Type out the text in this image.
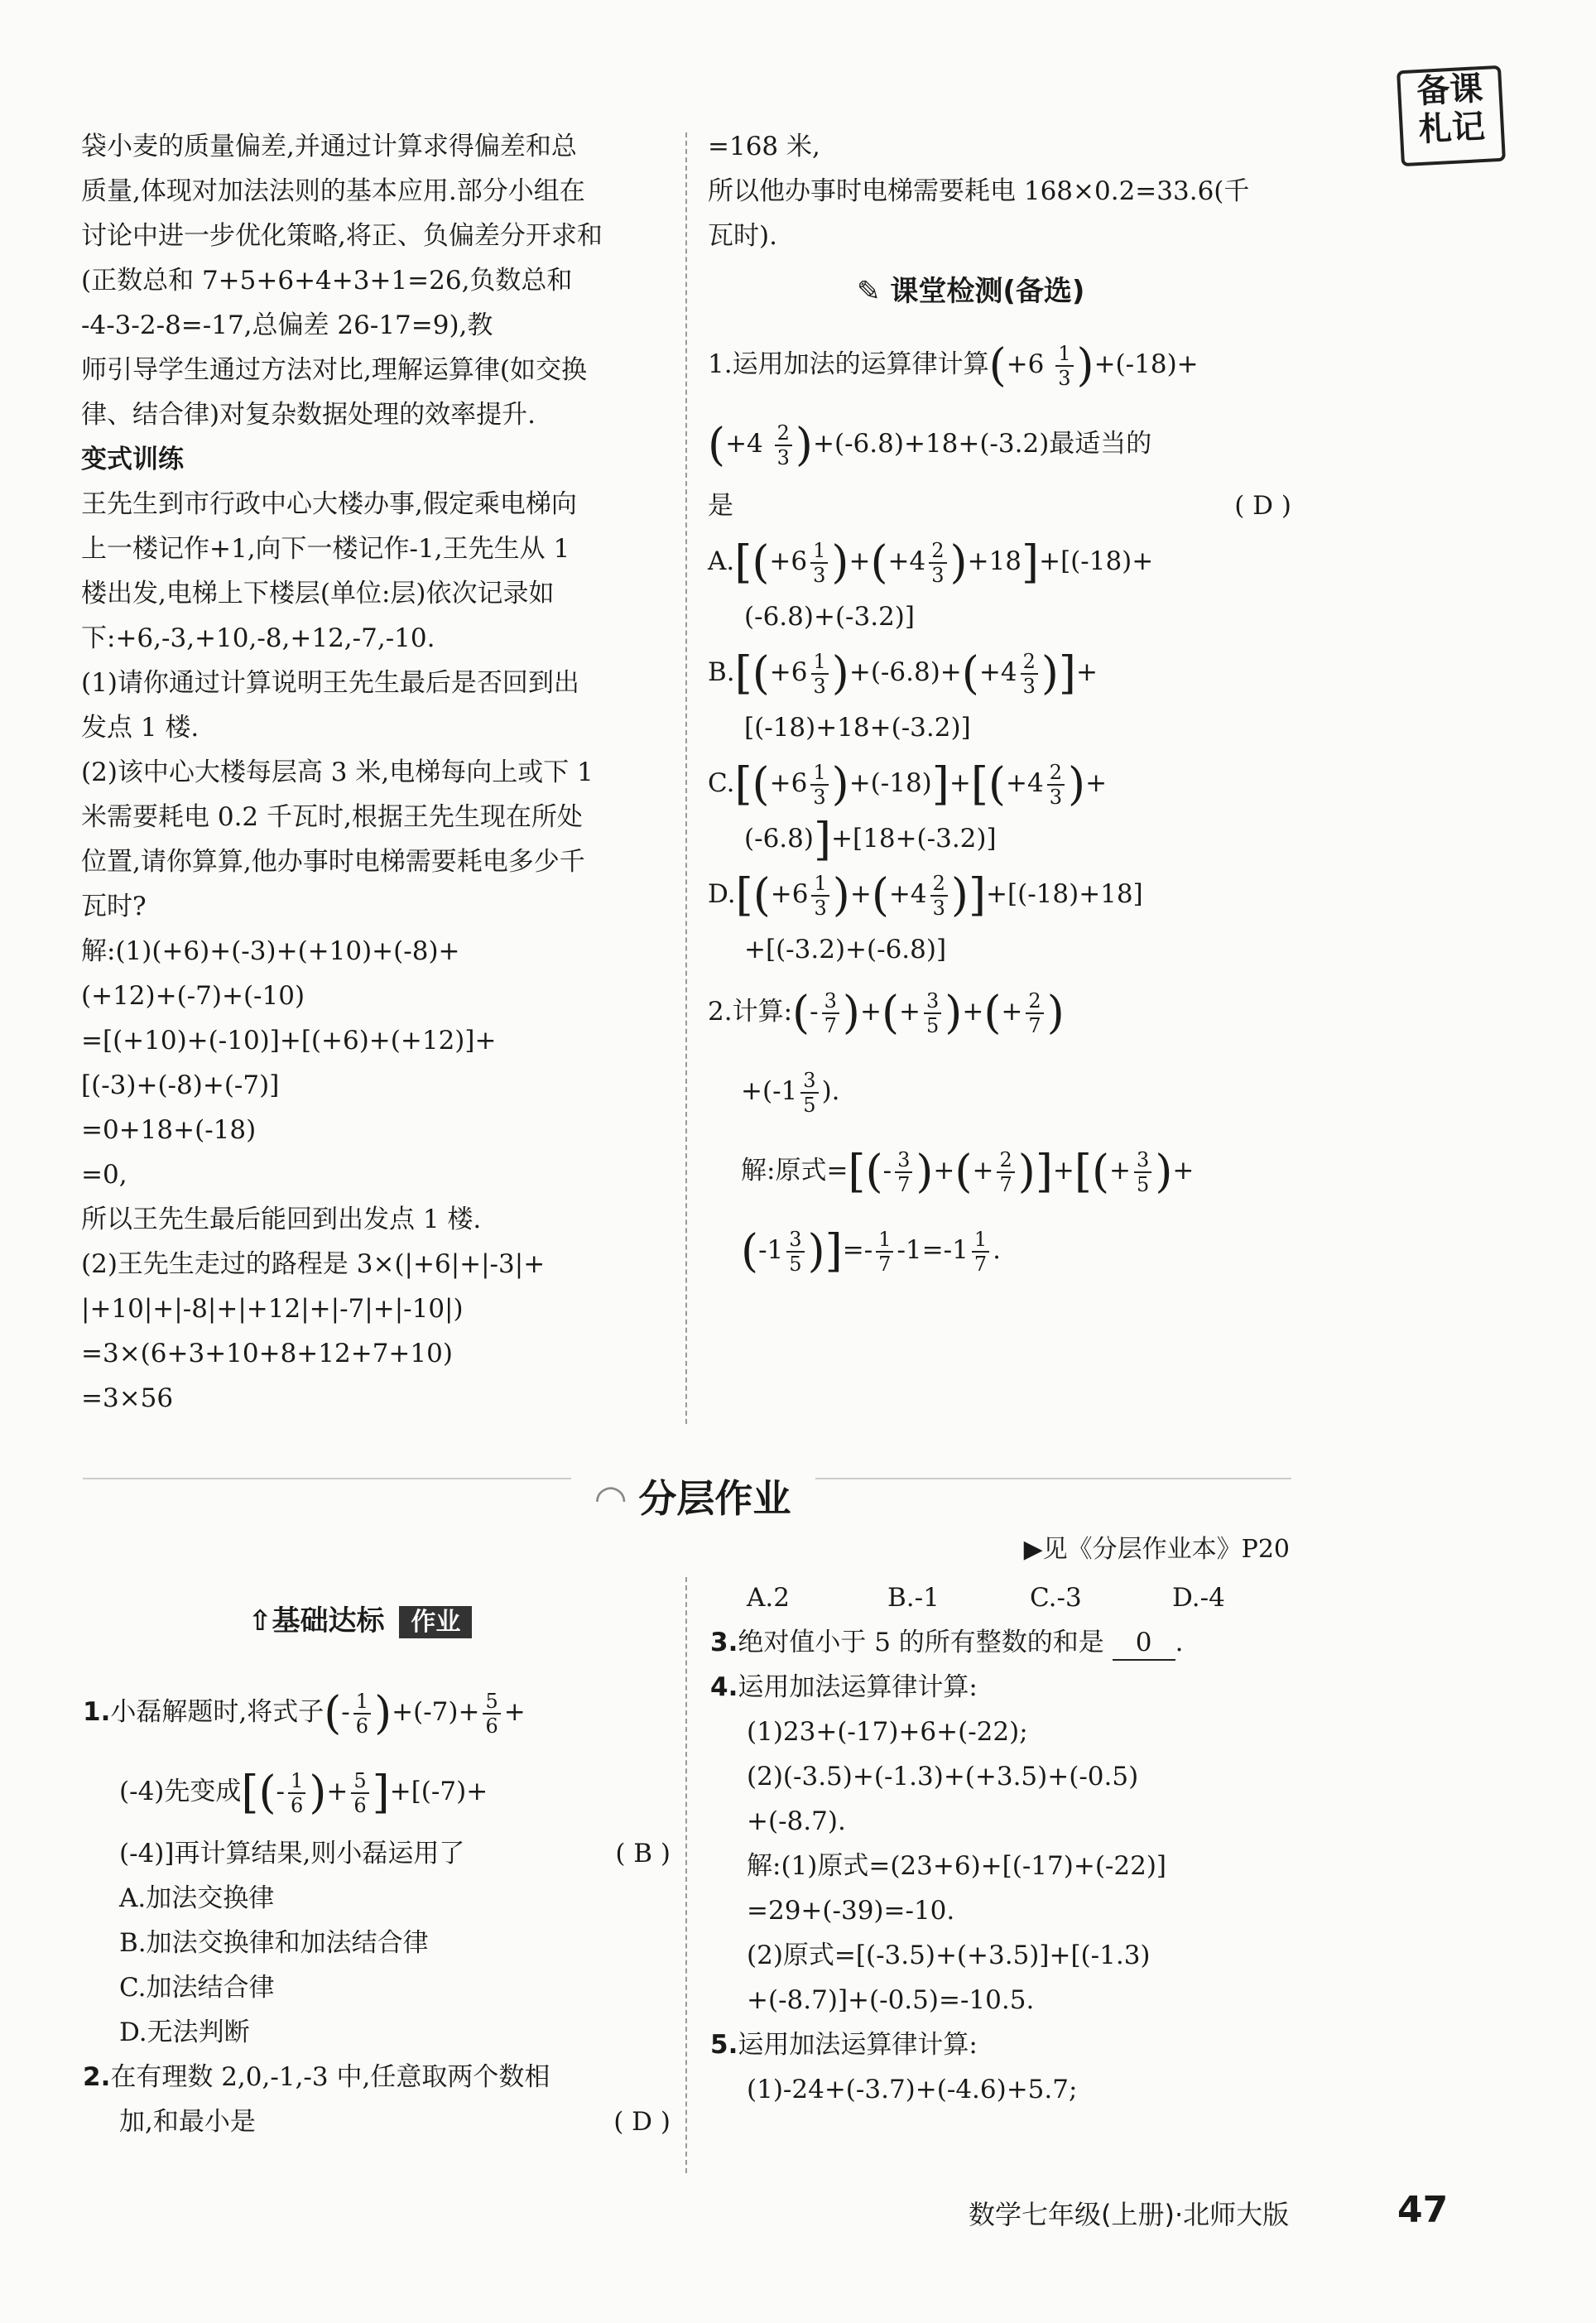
备课
札记
袋小麦的质量偏差,并通过计算求得偏差和总
质量,体现对加法法则的基本应用.部分小组在
讨论中进一步优化策略,将正、负偏差分开求和
(正数总和 7+5+6+4+3+1=26,负数总和
-4-3-2-8=-17,总偏差 26-17=9),教
师引导学生通过方法对比,理解运算律(如交换
律、结合律)对复杂数据处理的效率提升.
变式训练
王先生到市行政中心大楼办事,假定乘电梯向
上一楼记作+1,向下一楼记作-1,王先生从 1
楼出发,电梯上下楼层(单位:层)依次记录如
下:+6,-3,+10,-8,+12,-7,-10.
(1)请你通过计算说明王先生最后是否回到出
发点 1 楼.
(2)该中心大楼每层高 3 米,电梯每向上或下 1
米需要耗电 0.2 千瓦时,根据王先生现在所处
位置,请你算算,他办事时电梯需要耗电多少千
瓦时?
解:(1)(+6)+(-3)+(+10)+(-8)+
(+12)+(-7)+(-10)
=[(+10)+(-10)]+[(+6)+(+12)]+
[(-3)+(-8)+(-7)]
=0+18+(-18)
=0,
所以王先生最后能回到出发点 1 楼.
(2)王先生走过的路程是 3×(|+6|+|-3|+
|+10|+|-8|+|+12|+|-7|+|-10|)
=3×(6+3+10+8+12+7+10)
=3×56
=168 米,
所以他办事时电梯需要耗电 168×0.2=33.6(千
瓦时).
✎ 课堂检测(备选)
1.运用加法的运算律计算$(+6 \frac{1}{3} )+(-18)+$
$(+4 \frac{2}{3} )+(-6.8)+18+(-3.2)$最适当的
是	( D )
$A.[(+6 \frac{1}{3} )+(+4 \frac{2}{3} )+18]+[(-18)+$
(-6.8)+(-3.2)]
$B.[(+6 \frac{1}{3} )+(-6.8)+(+4 \frac{2}{3}$ )]+
[(-18)+18+(-3.2)]
$C.[(+6 \frac{1}{3} )+(-18)]+[(+4 \frac{2}{3}$ )+
(-6.8)]+[18+(-3.2)]
$D.[(+6 \frac{1}{3} )+(+4 \frac{2}{3} )]+[(-18)+18]$
+[(-3.2)+(-6.8)]
2.计算:(- $\frac{3}{7}$ )+(+ $\frac{3}{5}$ )+(+ $\frac{2}{7}$ )
$+(-1 \frac{3}{5}$ ).
解:原式=[(- $\frac{3}{7}$ )+(+ $\frac{2}{7}$ )]+[(+ $\frac{3}{5}$ )+
($-1 \frac{3}{5}$ )]=- $\frac{1}{7} -1=-1 \frac{1}{7}$ .
◠ 分层作业
▶见《分层作业本》P20
⇧基础达标 作业
1.小磊解题时,将式子(- $\frac{1}{6} )+(-7)+ \frac{5}{6}$ +
(-4)先变成[(- $\frac{1}{6}$ )+ $\frac{5}{6} ]+[(-7)+$
(-4)]再计算结果,则小磊运用了	( B )
A.加法交换律
B.加法交换律和加法结合律
C.加法结合律
D.无法判断
2.在有理数 2,0,-1,-3 中,任意取两个数相
加,和最小是	( D )
A.2	B.-1	C.-3	D.-4
3.绝对值小于 5 的所有整数的和是 0 .
4.运用加法运算律计算:
(1)23+(-17)+6+(-22);
(2)(-3.5)+(-1.3)+(+3.5)+(-0.5)
+(-8.7).
解:(1)原式=(23+6)+[(-17)+(-22)]
=29+(-39)=-10.
(2)原式=[(-3.5)+(+3.5)]+[(-1.3)
+(-8.7)]+(-0.5)=-10.5.
5.运用加法运算律计算:
(1)-24+(-3.7)+(-4.6)+5.7;
数学七年级(上册)·北师大版	47
